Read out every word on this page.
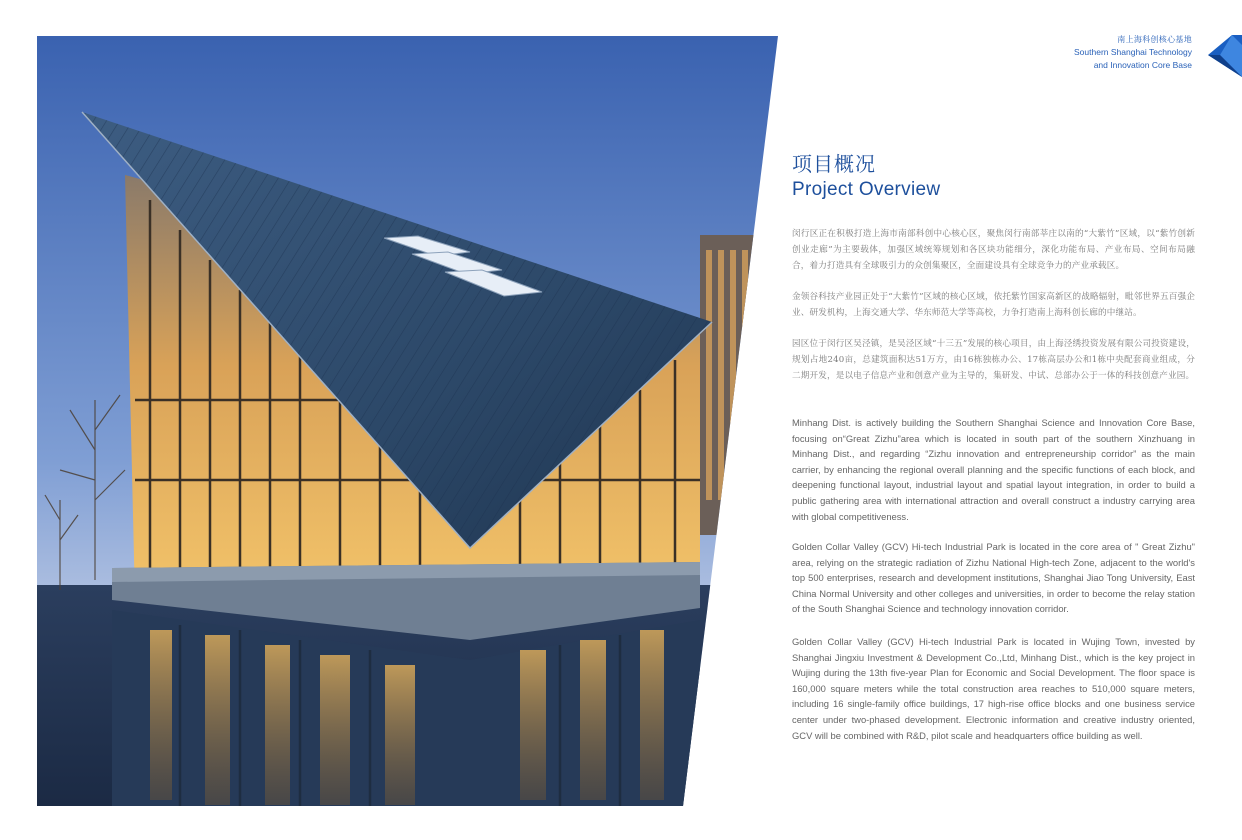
南上海科创核心基地
Southern Shanghai Technology
and Innovation Core Base
项目概况
Project Overview

闵行区正在积极打造上海市南部科创中心核心区，聚焦闵行南部莘庄以南的“大紫竹”区域，以“紫竹创新创业走廊”为主要载体，加强区域统筹规划和各区块功能细分，深化功能布局、产业布局、空间布局融合，着力打造具有全球吸引力的众创集聚区，全面建设具有全球竞争力的产业承载区。

金领谷科技产业园正处于“大紫竹”区域的核心区域，依托紫竹国家高新区的战略辐射，毗邻世界五百强企业、研发机构，上海交通大学、华东师范大学等高校，力争打造南上海科创长廊的中继站。

园区位于闵行区吴泾镇，是吴泾区域“十三五”发展的核心项目，由上海泾绣投资发展有限公司投资建设，规划占地240亩，总建筑面积达51万方，由16栋独栋办公、17栋高层办公和1栋中央配套商业组成，分二期开发，是以电子信息产业和创意产业为主导的，集研发、中试、总部办公于一体的科技创意产业园。

Minhang Dist. is actively building the Southern Shanghai Science and Innovation Core Base, focusing on“Great Zizhu”area which is located in south part of the southern Xinzhuang in Minhang Dist., and regarding “Zizhu innovation and entrepreneurship corridor” as the main carrier, by enhancing the regional overall planning and the specific functions of each block, and deepening functional layout, industrial layout and spatial layout integration, in order to build a public gathering area with international attraction and overall construct a industry carrying area with global competitiveness.

Golden Collar Valley (GCV) Hi-tech Industrial Park is located in the core area of " Great Zizhu" area, relying on the strategic radiation of Zizhu National High-tech Zone, adjacent to the world's top 500 enterprises, research and development institutions, Shanghai Jiao Tong University, East China Normal University and other colleges and universities, in order to become the relay station of the South Shanghai Science and technology innovation corridor.

Golden Collar Valley (GCV) Hi-tech Industrial Park is located in Wujing Town, invested by Shanghai Jingxiu Investment & Development Co.,Ltd, Minhang Dist., which is the key project in Wujing during the 13th five-year Plan for Economic and Social Development. The floor space is 160,000 square meters while the total construction area reaches to 510,000 square meters, including 16 single-family office buildings, 17 high-rise office blocks and one business service center under two-phased development. Electronic information and creative industry oriented, GCV will be combined with R&D, pilot scale and headquarters office building as well.
